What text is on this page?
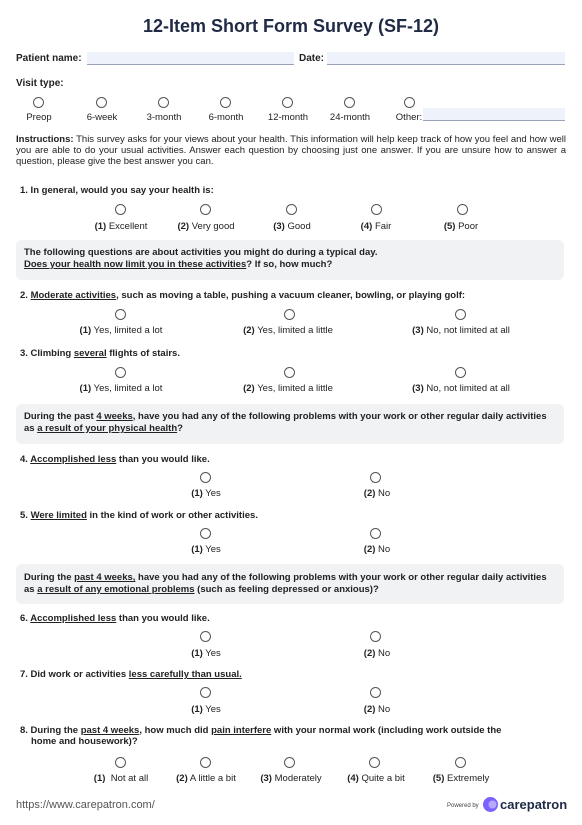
12-Item Short Form Survey (SF-12)
Patient name:	Date:
Visit type:
Preop	6-week	3-month	6-month	12-month	24-month	Other:
Instructions: This survey asks for your views about your health. This information will help keep track of how you feel and how well you are able to do your usual activities. Answer each question by choosing just one answer. If you are unsure how to answer a question, please give the best answer you can.
1. In general, would you say your health is:
(1) Excellent	(2) Very good	(3) Good	(4) Fair	(5) Poor
The following questions are about activities you might do during a typical day.
Does your health now limit you in these activities? If so, how much?
2. Moderate activities, such as moving a table, pushing a vacuum cleaner, bowling, or playing golf:
(1) Yes, limited a lot	(2) Yes, limited a little	(3) No, not limited at all
3. Climbing several flights of stairs.
(1) Yes, limited a lot	(2) Yes, limited a little	(3) No, not limited at all
During the past 4 weeks, have you had any of the following problems with your work or other regular daily activities as a result of your physical health?
4. Accomplished less than you would like.
(1) Yes	(2) No
5. Were limited in the kind of work or other activities.
(1) Yes	(2) No
During the past 4 weeks, have you had any of the following problems with your work or other regular daily activities as a result of any emotional problems (such as feeling depressed or anxious)?
6. Accomplished less than you would like.
(1) Yes	(2) No
7. Did work or activities less carefully than usual.
(1) Yes	(2) No
8. During the past 4 weeks, how much did pain interfere with your normal work (including work outside the
home and housework)?
(1) Not at all	(2) A little a bit	(3) Moderately	(4) Quite a bit	(5) Extremely
https://www.carepatron.com/	Powered by carepatron
